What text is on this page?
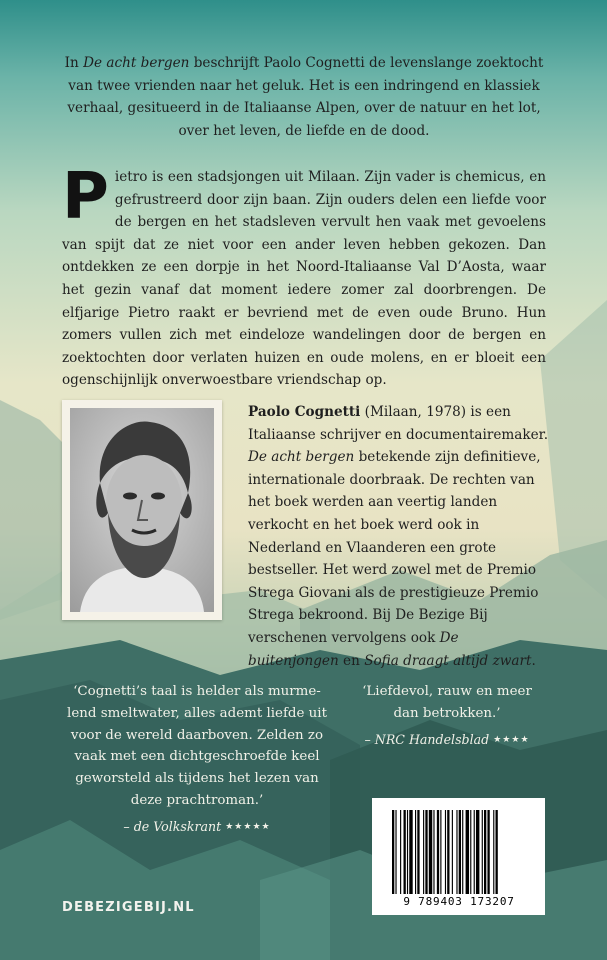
In De acht bergen beschrijft Paolo Cognetti de levenslange zoektocht van twee vrienden naar het geluk. Het is een indringend en klassiek verhaal, gesitueerd in de Italiaanse Alpen, over de natuur en het lot, over het leven, de liefde en de dood.
Pietro is een stadsjongen uit Milaan. Zijn vader is chemicus, en gefrustreerd door zijn baan. Zijn ouders delen een liefde voor de bergen en het stadsleven vervult hen vaak met gevoelens van spijt dat ze niet voor een ander leven hebben gekozen. Dan ontdekken ze een dorpje in het Noord-Italiaanse Val D’Aosta, waar het gezin vanaf dat moment iedere zomer zal doorbrengen. De elfjarige Pietro raakt er bevriend met de even oude Bruno. Hun zomers vullen zich met eindeloze wandelingen door de bergen en zoektochten door verlaten huizen en oude molens, en er bloeit een ogenschijnlijk onverwoestbare vriendschap op.
Paolo Cognetti (Milaan, 1978) is een Italiaanse schrijver en documentairemaker. De acht bergen betekende zijn definitieve, internationale doorbraak. De rechten van het boek werden aan veertig landen verkocht en het boek werd ook in Nederland en Vlaanderen een grote bestseller. Het werd zowel met de Premio Strega Giovani als de prestigieuze Premio Strega bekroond. Bij De Bezige Bij verschenen vervolgens ook De buitenjongen en Sofia draagt altijd zwart.
‘Cognetti’s taal is helder als murme-lend smeltwater, alles ademt liefde uit voor de wereld daarboven. Zelden zo vaak met een dichtgeschroefde keel geworsteld als tijdens het lezen van deze prachtroman.’
– de Volkskrant ★★★★★
‘Liefdevol, rauw en meer dan betrokken.’
– NRC Handelsblad ★★★★
DEBEZIGEBIJ.NL	9 789403 173207
